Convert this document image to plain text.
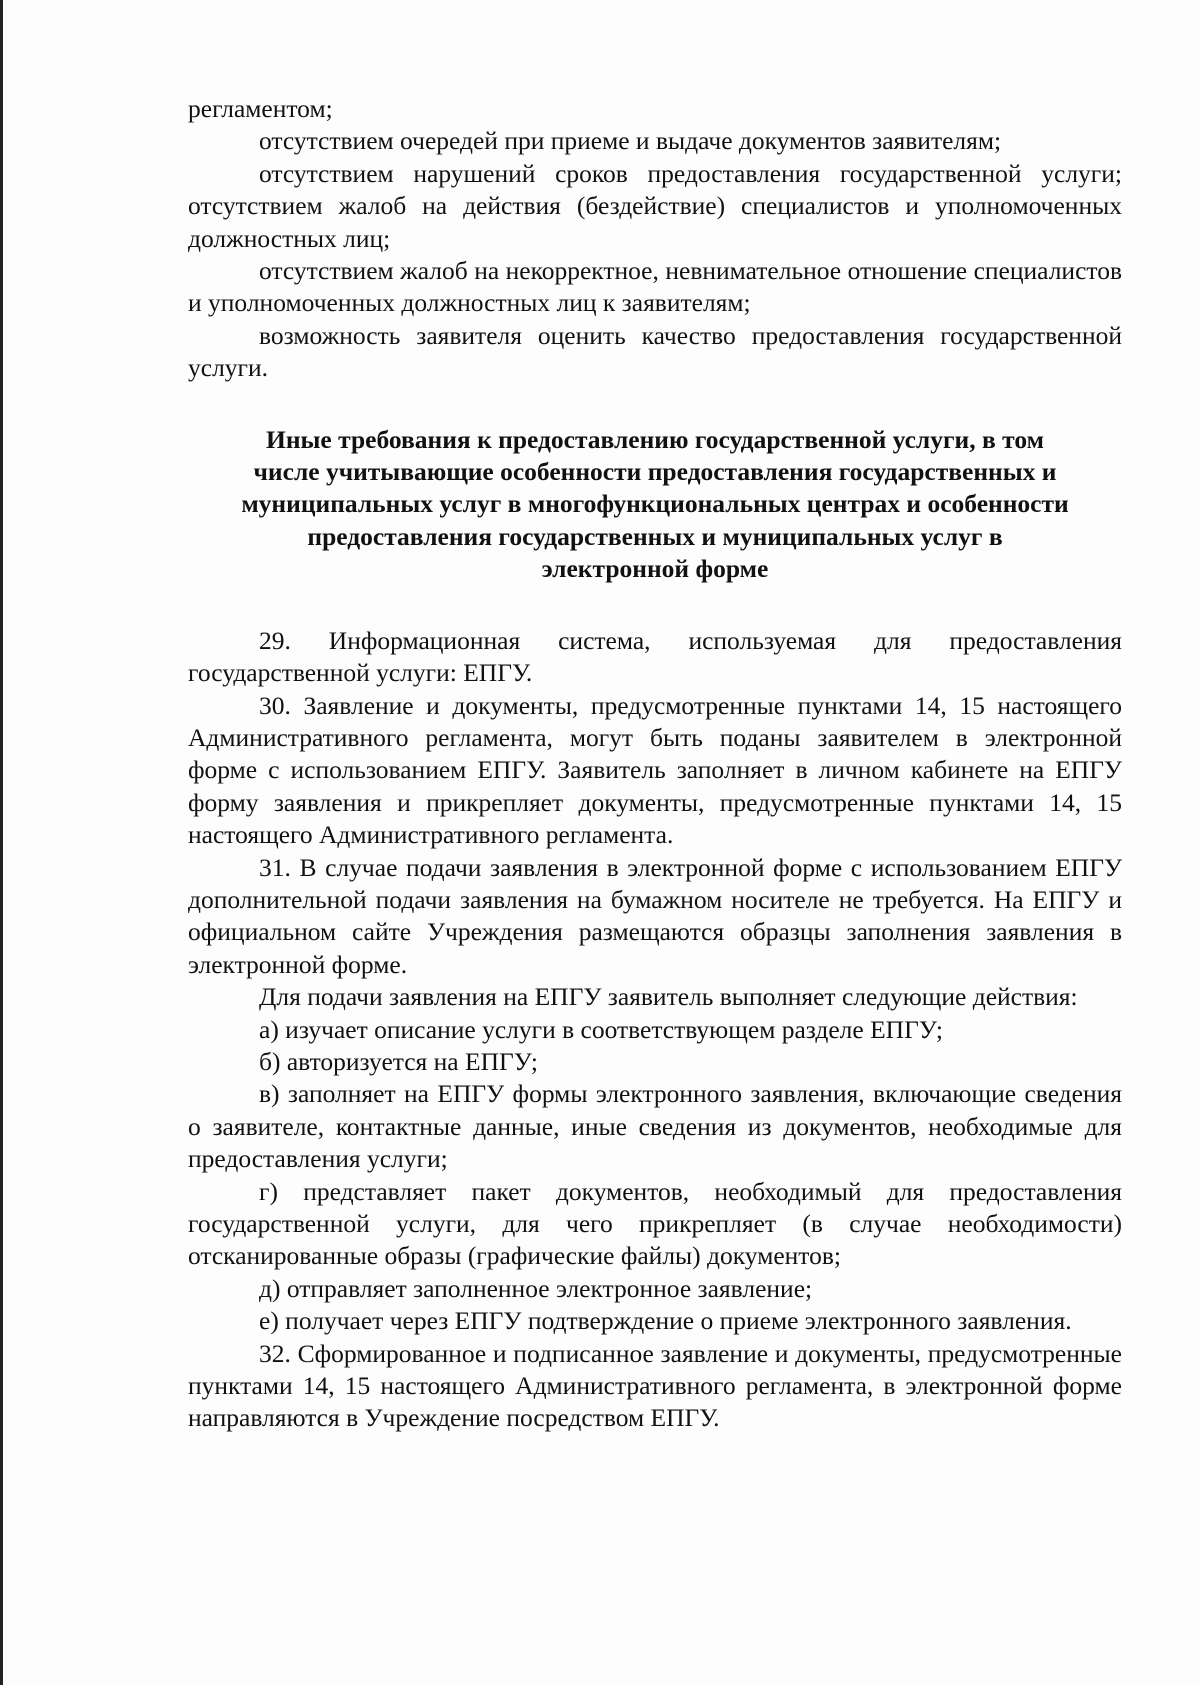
регламентом;

отсутствием очередей при приеме и выдаче документов заявителям;

отсутствием нарушений сроков предоставления государственной услуги; отсутствием жалоб на действия (бездействие) специалистов и уполномоченных должностных лиц;

отсутствием жалоб на некорректное, невнимательное отношение специалистов и уполномоченных должностных лиц к заявителям;

возможность заявителя оценить качество предоставления государственной услуги.

Иные требования к предоставлению государственной услуги, в том
числе учитывающие особенности предоставления государственных и
муниципальных услуг в многофункциональных центрах и особенности
предоставления государственных и муниципальных услуг в
электронной форме

29. Информационная система, используемая для предоставления государственной услуги: ЕПГУ.

30. Заявление и документы, предусмотренные пунктами 14, 15 настоящего Административного регламента, могут быть поданы заявителем в электронной форме с использованием ЕПГУ. Заявитель заполняет в личном кабинете на ЕПГУ форму заявления и прикрепляет документы, предусмотренные пунктами 14, 15 настоящего Административного регламента.

31. В случае подачи заявления в электронной форме с использованием ЕПГУ дополнительной подачи заявления на бумажном носителе не требуется. На ЕПГУ и официальном сайте Учреждения размещаются образцы заполнения заявления в электронной форме.

Для подачи заявления на ЕПГУ заявитель выполняет следующие действия:

а) изучает описание услуги в соответствующем разделе ЕПГУ;

б) авторизуется на ЕПГУ;

в) заполняет на ЕПГУ формы электронного заявления, включающие сведения о заявителе, контактные данные, иные сведения из документов, необходимые для предоставления услуги;

г) представляет пакет документов, необходимый для предоставления государственной услуги, для чего прикрепляет (в случае необходимости) отсканированные образы (графические файлы) документов;

д) отправляет заполненное электронное заявление;

е) получает через ЕПГУ подтверждение о приеме электронного заявления.

32. Сформированное и подписанное заявление и документы, предусмотренные пунктами 14, 15 настоящего Административного регламента, в электронной форме направляются в Учреждение посредством ЕПГУ.
